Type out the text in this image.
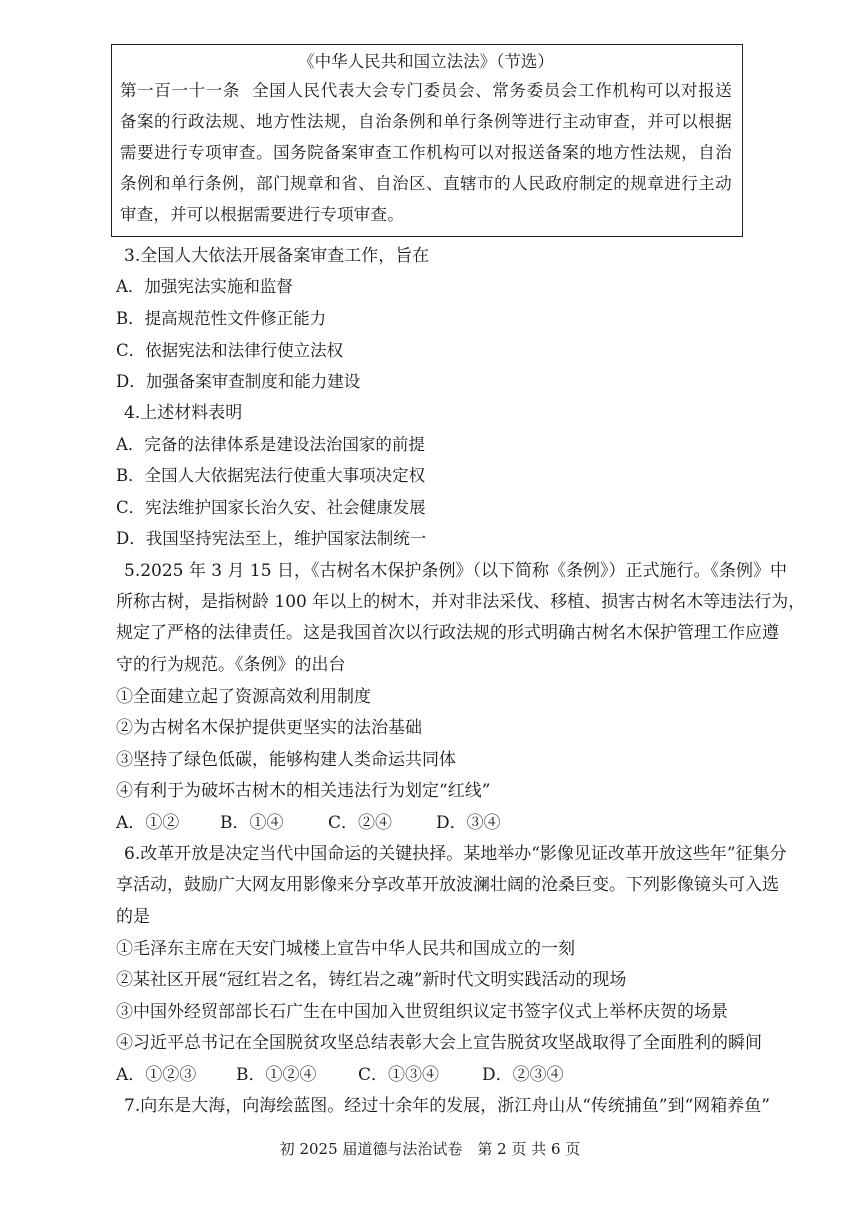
《中华人民共和国立法法》（节选）
第一百一十一条 全国人民代表大会专门委员会、常务委员会工作机构可以对报送备案的行政法规、地方性法规，自治条例和单行条例等进行主动审查，并可以根据需要进行专项审查。国务院备案审查工作机构可以对报送备案的地方性法规，自治条例和单行条例，部门规章和省、自治区、直辖市的人民政府制定的规章进行主动审查，并可以根据需要进行专项审查。
3.全国人大依法开展备案审查工作，旨在
A．加强宪法实施和监督
B．提高规范性文件修正能力
C．依据宪法和法律行使立法权
D．加强备案审查制度和能力建设
4.上述材料表明
A．完备的法律体系是建设法治国家的前提
B．全国人大依据宪法行使重大事项决定权
C．宪法维护国家长治久安、社会健康发展
D．我国坚持宪法至上，维护国家法制统一
5.2025 年 3 月 15 日，《古树名木保护条例》（以下简称《条例》）正式施行。《条例》中
所称古树，是指树龄 100 年以上的树木，并对非法采伐、移植、损害古树名木等违法行为，
规定了严格的法律责任。这是我国首次以行政法规的形式明确古树名木保护管理工作应遵
守的行为规范。《条例》的出台
①全面建立起了资源高效利用制度
②为古树名木保护提供更坚实的法治基础
③坚持了绿色低碳，能够构建人类命运共同体
④有利于为破坏古树木的相关违法行为划定“红线”
A．①② B．①④	C．②④	D．③④
6.改革开放是决定当代中国命运的关键抉择。某地举办“影像见证改革开放这些年”征集分
享活动，鼓励广大网友用影像来分享改革开放波澜壮阔的沧桑巨变。下列影像镜头可入选
的是
①毛泽东主席在天安门城楼上宣告中华人民共和国成立的一刻
②某社区开展“冠红岩之名，铸红岩之魂”新时代文明实践活动的现场
③中国外经贸部部长石广生在中国加入世贸组织议定书签字仪式上举杯庆贺的场景
④习近平总书记在全国脱贫攻坚总结表彰大会上宣告脱贫攻坚战取得了全面胜利的瞬间
A．①②③ B．①②④ C．①③④	D．②③④
7.向东是大海，向海绘蓝图。经过十余年的发展，浙江舟山从“传统捕鱼”到“网箱养鱼”
初 2025 届道德与法治试卷　第 2 页 共 6 页
